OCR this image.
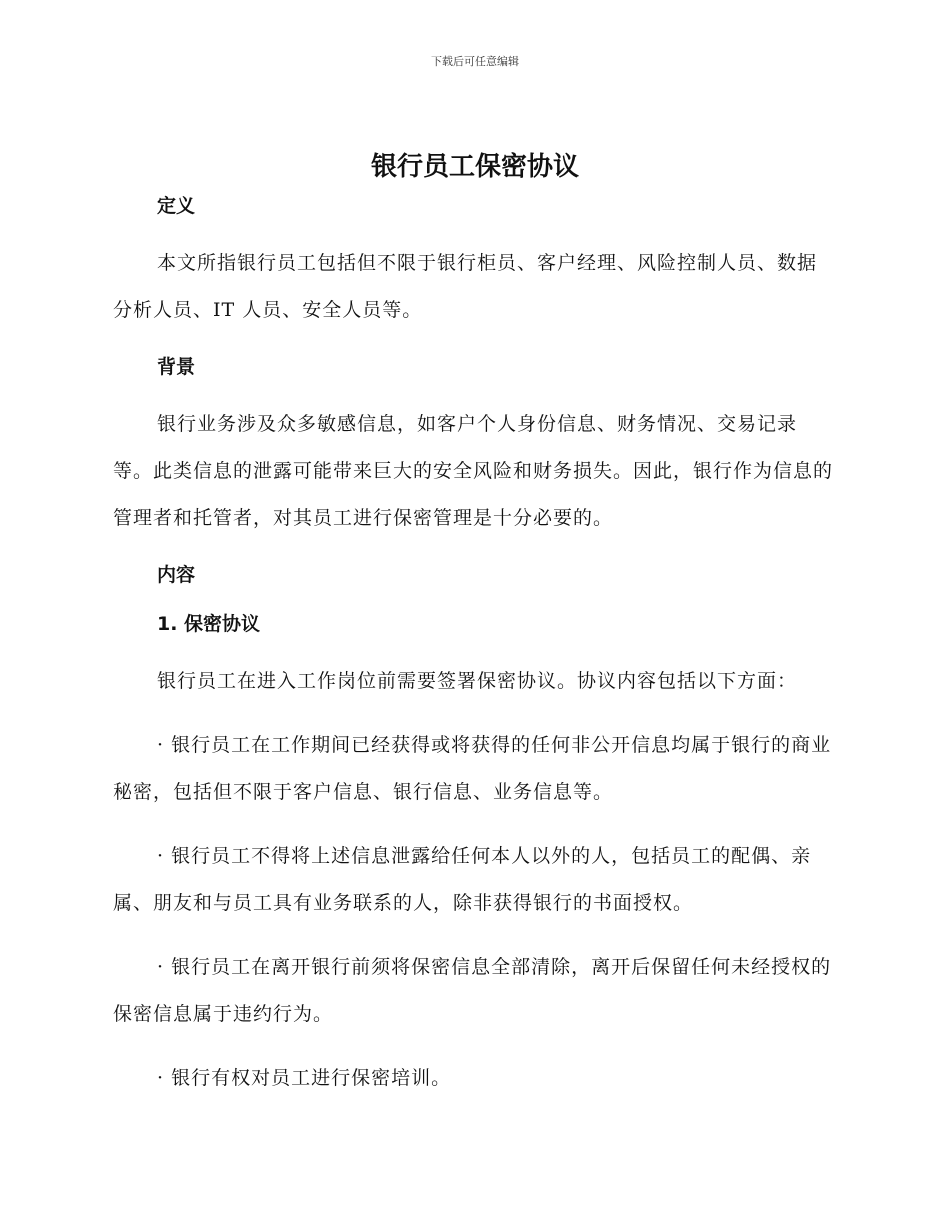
下载后可任意编辑
银行员工保密协议
定义

本文所指银行员工包括但不限于银行柜员、客户经理、风险控制人员、数据分析人员、IT 人员、安全人员等。

背景

银行业务涉及众多敏感信息，如客户个人身份信息、财务情况、交易记录等。此类信息的泄露可能带来巨大的安全风险和财务损失。因此，银行作为信息的管理者和托管者，对其员工进行保密管理是十分必要的。

内容
1. 保密协议

银行员工在进入工作岗位前需要签署保密协议。协议内容包括以下方面：

· 银行员工在工作期间已经获得或将获得的任何非公开信息均属于银行的商业秘密，包括但不限于客户信息、银行信息、业务信息等。

· 银行员工不得将上述信息泄露给任何本人以外的人，包括员工的配偶、亲属、朋友和与员工具有业务联系的人，除非获得银行的书面授权。

· 银行员工在离开银行前须将保密信息全部清除，离开后保留任何未经授权的保密信息属于违约行为。

· 银行有权对员工进行保密培训。
